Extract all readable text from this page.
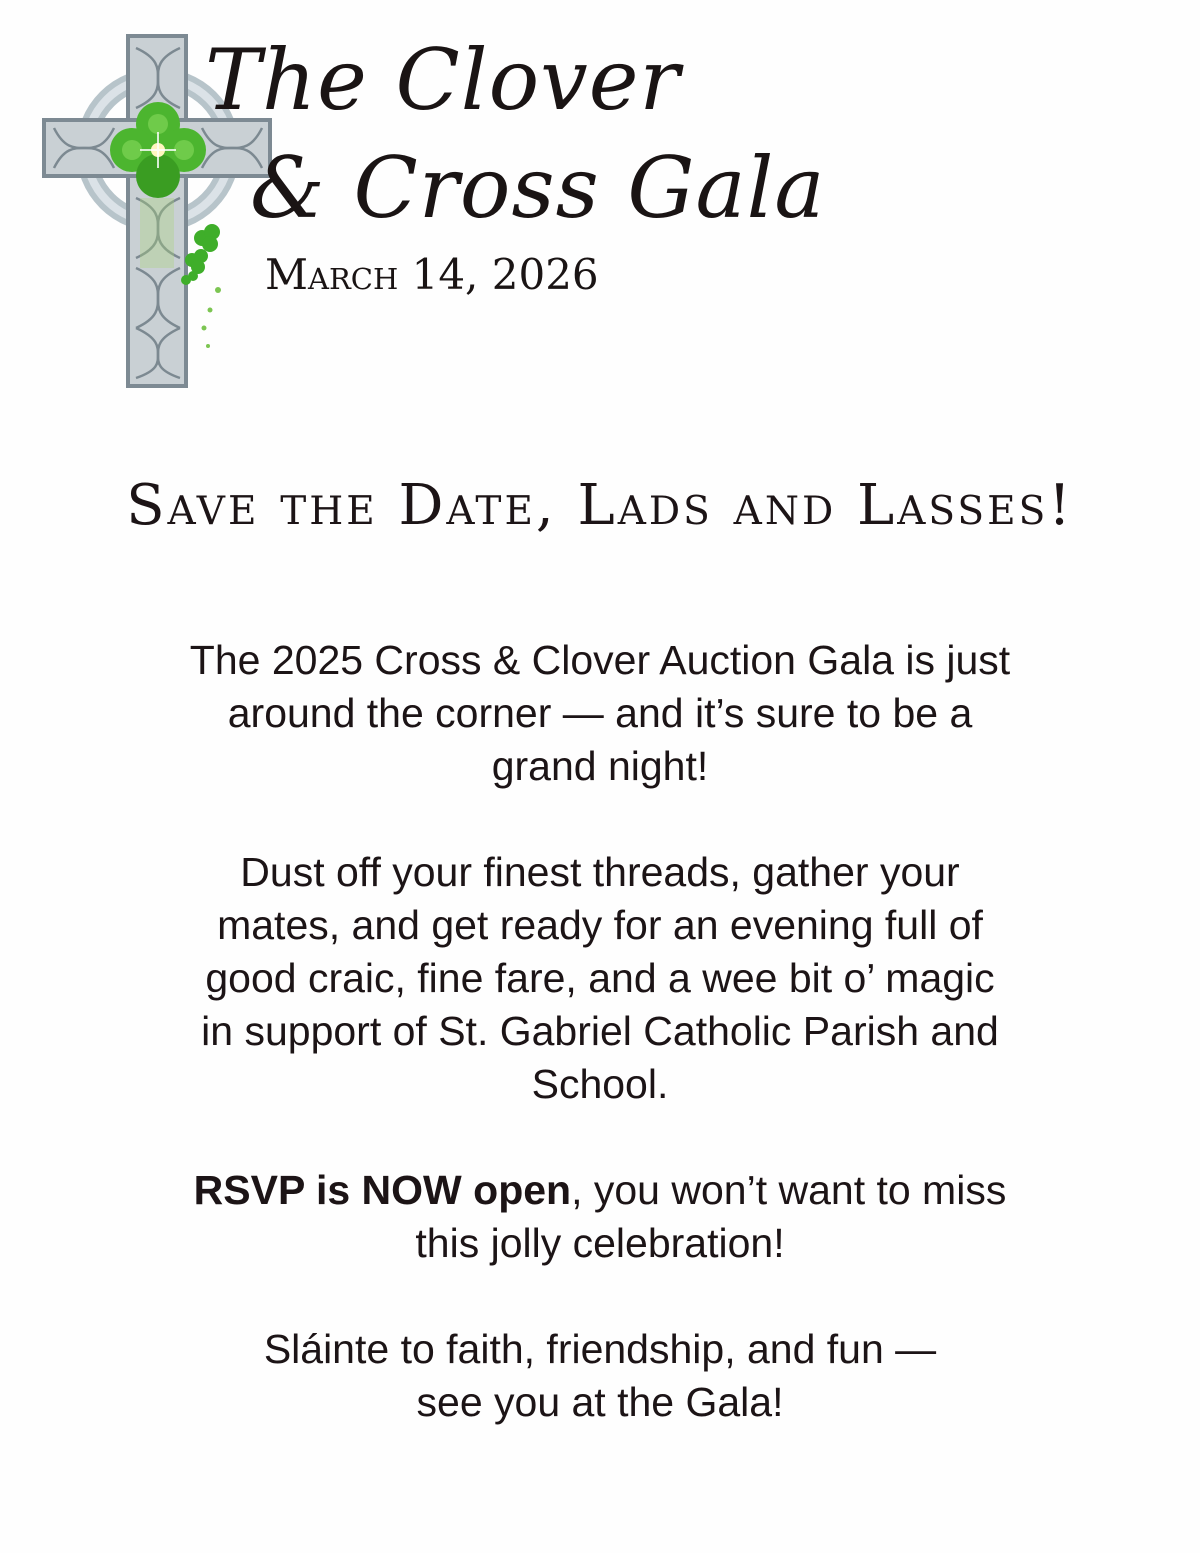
The Clover
& Cross Gala
March 14, 2026
Save the Date, Lads and Lasses!
The 2025 Cross & Clover Auction Gala is just
around the corner — and it’s sure to be a
grand night!
Dust off your finest threads, gather your
mates, and get ready for an evening full of
good craic, fine fare, and a wee bit o’ magic
in support of St. Gabriel Catholic Parish and
School.
RSVP is NOW open, you won’t want to miss
this jolly celebration!
Sláinte to faith, friendship, and fun —
see you at the Gala!
